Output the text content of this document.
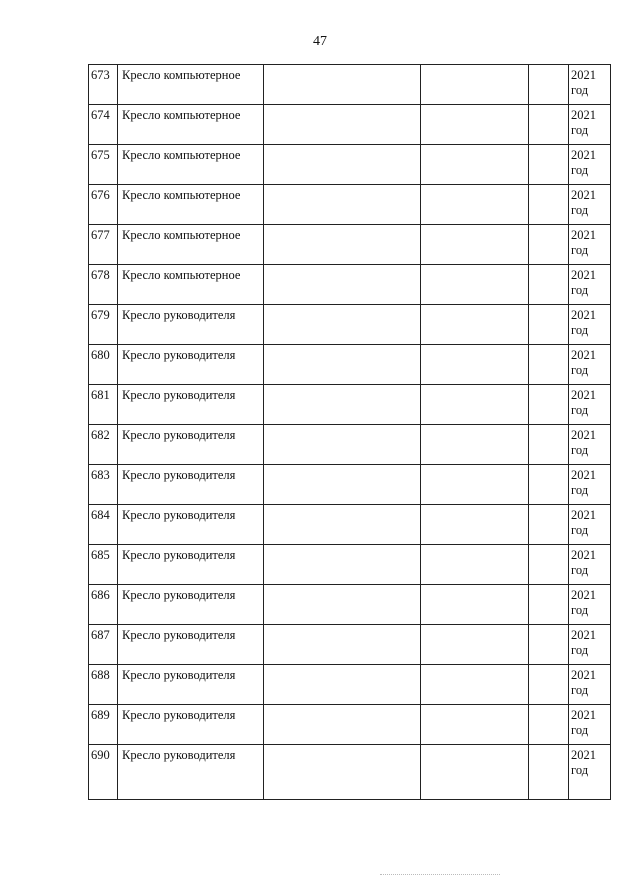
47
673	Кресло компьютерное				2021
год

674	Кресло компьютерное				2021
год

675	Кресло компьютерное				2021
год

676	Кресло компьютерное				2021
год

677	Кресло компьютерное				2021
год

678	Кресло компьютерное				2021
год

679	Кресло руководителя				2021
год

680	Кресло руководителя				2021
год

681	Кресло руководителя				2021
год

682	Кресло руководителя				2021
год

683	Кресло руководителя				2021
год

684	Кресло руководителя				2021
год

685	Кресло руководителя				2021
год

686	Кресло руководителя				2021
год

687	Кресло руководителя				2021
год

688	Кресло руководителя				2021
год

689	Кресло руководителя				2021
год

690	Кресло руководителя				2021
год
